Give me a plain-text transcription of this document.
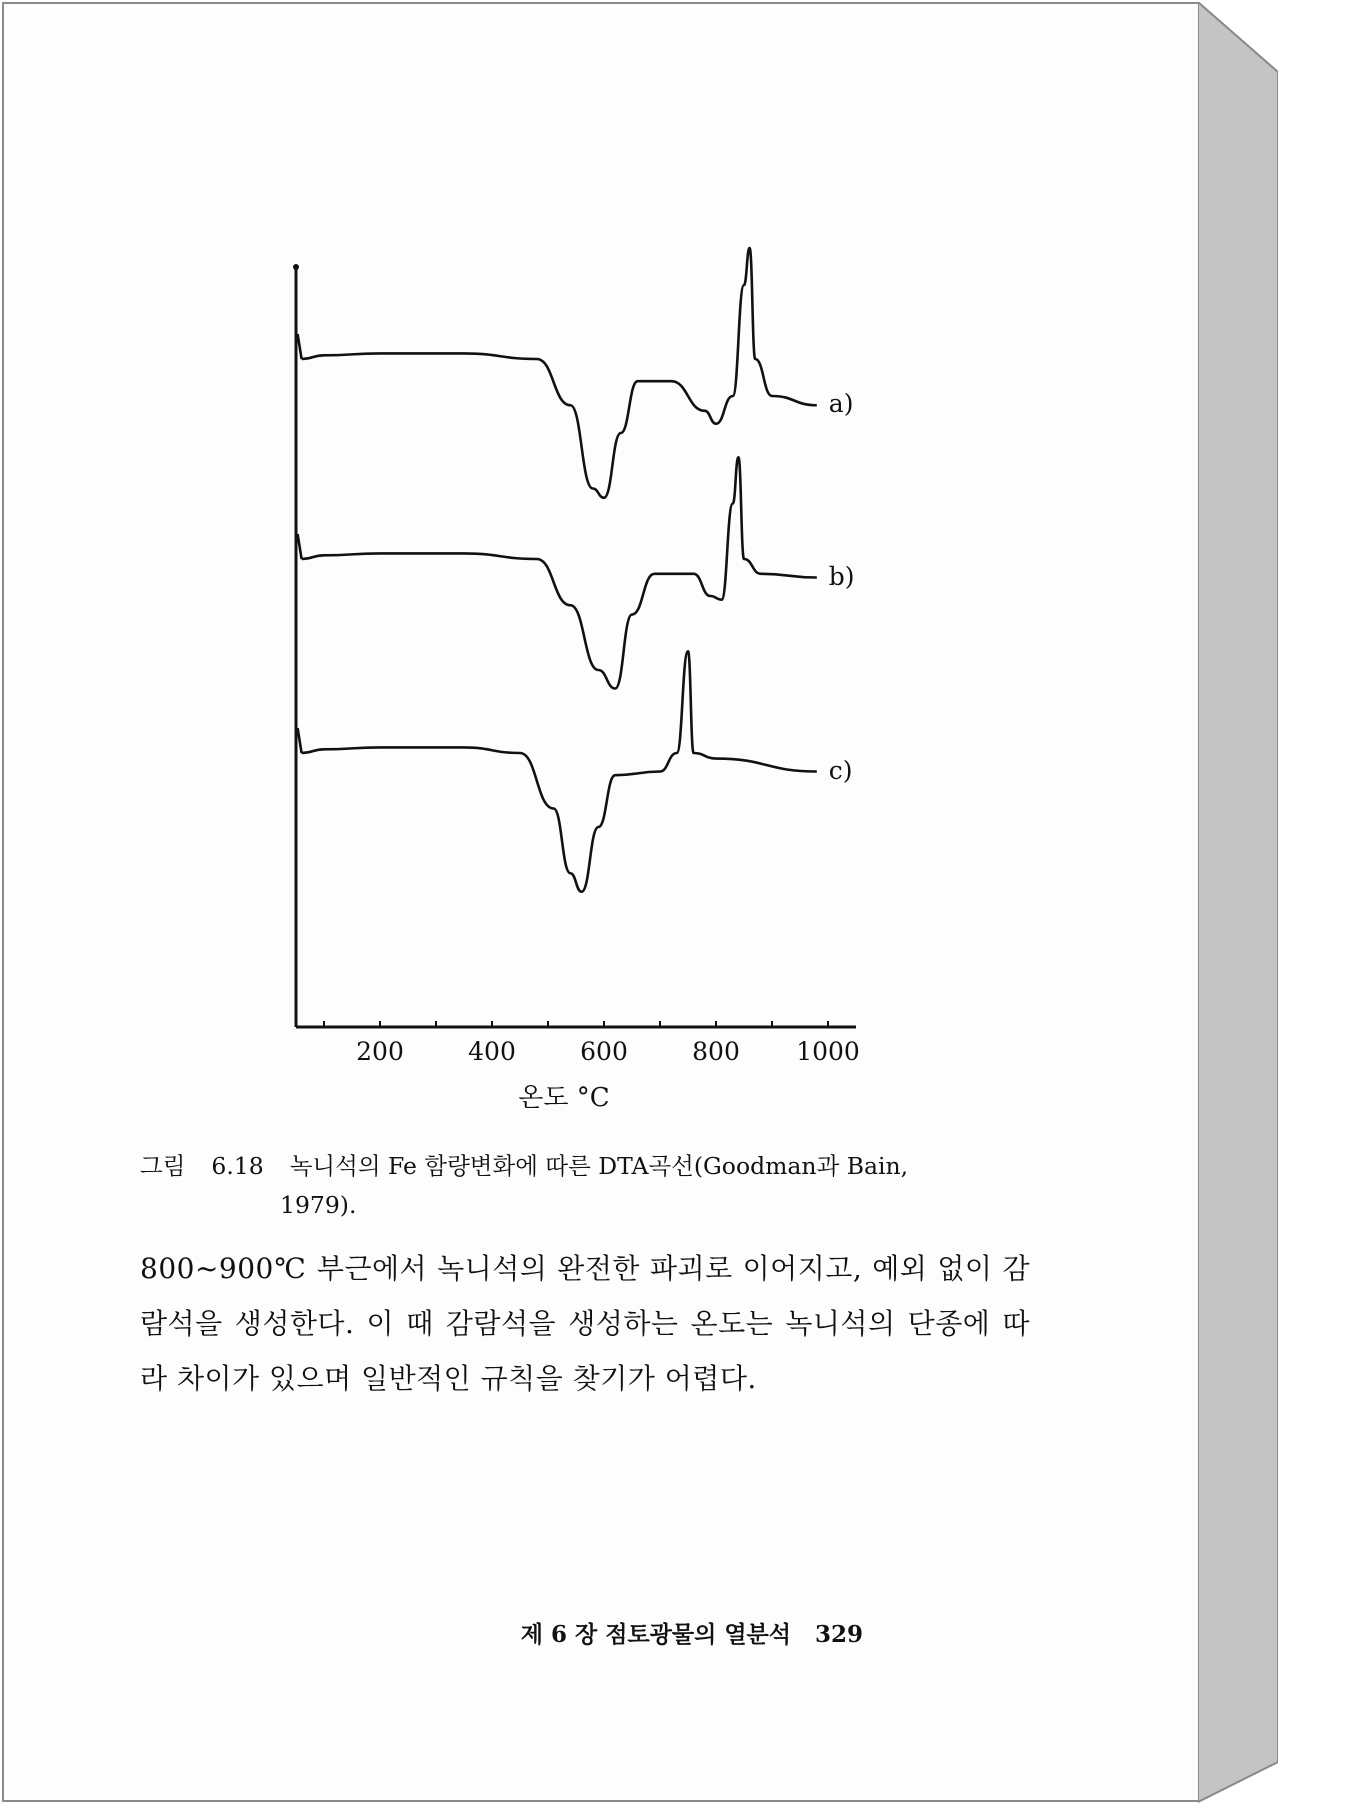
200	400	600	800 1000
온도 °C
a)
b)
c)
그림 6.18 녹니석의 Fe 함량변화에 따른 DTA곡선(Goodman과 Bain,
1979).
800~900℃ 부근에서 녹니석의 완전한 파괴로 이어지고, 예외 없이 감람석을 생성한다. 이 때 감람석을 생성하는 온도는 녹니석의 단종에 따라 차이가 있으며 일반적인 규칙을 찾기가 어렵다.
제 6 장 점토광물의 열분석 329
